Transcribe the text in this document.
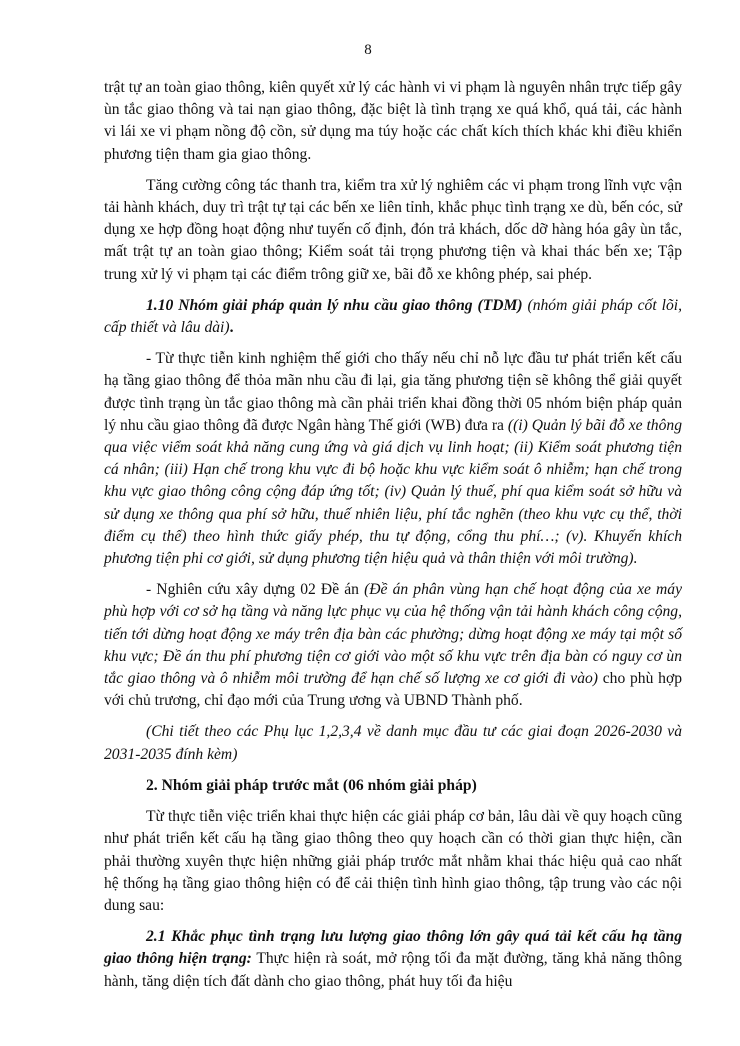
8

trật tự an toàn giao thông, kiên quyết xử lý các hành vi vi phạm là nguyên nhân trực tiếp gây ùn tắc giao thông và tai nạn giao thông, đặc biệt là tình trạng xe quá khổ, quá tải, các hành vi lái xe vi phạm nồng độ cồn, sử dụng ma túy hoặc các chất kích thích khác khi điều khiển phương tiện tham gia giao thông.

Tăng cường công tác thanh tra, kiểm tra xử lý nghiêm các vi phạm trong lĩnh vực vận tải hành khách, duy trì trật tự tại các bến xe liên tỉnh, khắc phục tình trạng xe dù, bến cóc, sử dụng xe hợp đồng hoạt động như tuyến cố định, đón trả khách, dốc dỡ hàng hóa gây ùn tắc, mất trật tự an toàn giao thông; Kiểm soát tải trọng phương tiện và khai thác bến xe; Tập trung xử lý vi phạm tại các điểm trông giữ xe, bãi đỗ xe không phép, sai phép.

1.10 Nhóm giải pháp quản lý nhu cầu giao thông (TDM) (nhóm giải pháp cốt lõi, cấp thiết và lâu dài).

- Từ thực tiễn kinh nghiệm thế giới cho thấy nếu chỉ nỗ lực đầu tư phát triển kết cấu hạ tầng giao thông để thỏa mãn nhu cầu đi lại, gia tăng phương tiện sẽ không thể giải quyết được tình trạng ùn tắc giao thông mà cần phải triển khai đồng thời 05 nhóm biện pháp quản lý nhu cầu giao thông đã được Ngân hàng Thế giới (WB) đưa ra ((i) Quản lý bãi đỗ xe thông qua việc viểm soát khả năng cung ứng và giá dịch vụ linh hoạt; (ii) Kiểm soát phương tiện cá nhân; (iii) Hạn chế trong khu vực đi bộ hoặc khu vực kiểm soát ô nhiễm; hạn chế trong khu vực giao thông công cộng đáp ứng tốt; (iv) Quản lý thuế, phí qua kiểm soát sở hữu và sử dụng xe thông qua phí sở hữu, thuế nhiên liệu, phí tắc nghẽn (theo khu vực cụ thể, thời điểm cụ thể) theo hình thức giấy phép, thu tự động, cổng thu phí…; (v). Khuyến khích phương tiện phi cơ giới, sử dụng phương tiện hiệu quả và thân thiện với môi trường).

- Nghiên cứu xây dựng 02 Đề án (Đề án phân vùng hạn chế hoạt động của xe máy phù hợp với cơ sở hạ tầng và năng lực phục vụ của hệ thống vận tải hành khách công cộng, tiến tới dừng hoạt động xe máy trên địa bàn các phường; dừng hoạt động xe máy tại một số khu vực; Đề án thu phí phương tiện cơ giới vào một số khu vực trên địa bàn có nguy cơ ùn tắc giao thông và ô nhiễm môi trường để hạn chế số lượng xe cơ giới đi vào) cho phù hợp với chủ trương, chỉ đạo mới của Trung ương và UBND Thành phố.

(Chi tiết theo các Phụ lục 1,2,3,4 về danh mục đầu tư các giai đoạn 2026-2030 và 2031-2035 đính kèm)

2. Nhóm giải pháp trước mắt (06 nhóm giải pháp)

Từ thực tiễn việc triển khai thực hiện các giải pháp cơ bản, lâu dài về quy hoạch cũng như phát triển kết cấu hạ tầng giao thông theo quy hoạch cần có thời gian thực hiện, cần phải thường xuyên thực hiện những giải pháp trước mắt nhằm khai thác hiệu quả cao nhất hệ thống hạ tầng giao thông hiện có để cải thiện tình hình giao thông, tập trung vào các nội dung sau:

2.1 Khắc phục tình trạng lưu lượng giao thông lớn gây quá tải kết cấu hạ tầng giao thông hiện trạng: Thực hiện rà soát, mở rộng tối đa mặt đường, tăng khả năng thông hành, tăng diện tích đất dành cho giao thông, phát huy tối đa hiệu
